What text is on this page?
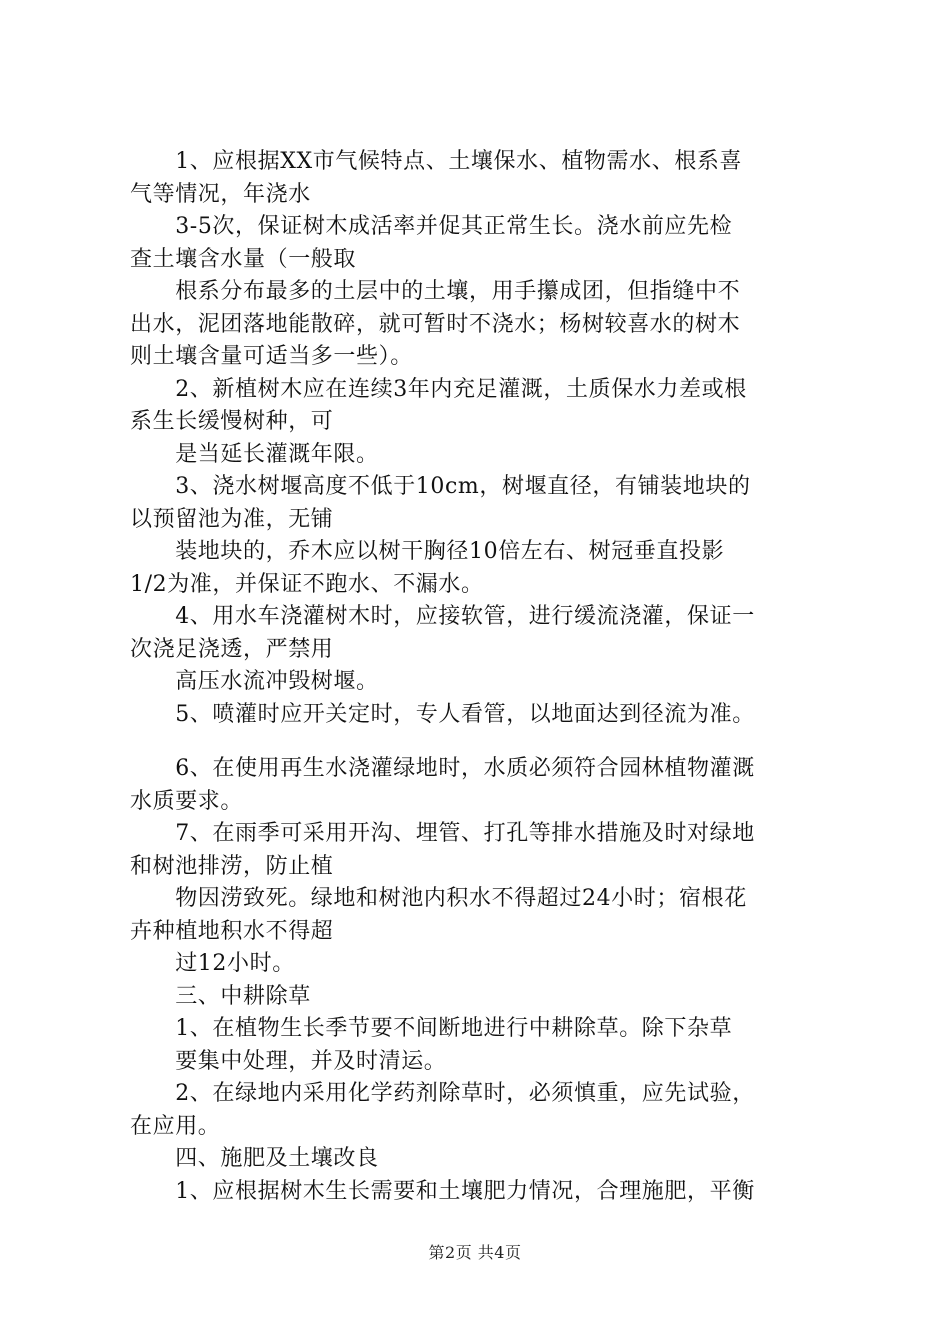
　　1、应根据XX市气候特点、土壤保水、植物需水、根系喜
气等情况，年浇水
　　3-5次，保证树木成活率并促其正常生长。浇水前应先检
查土壤含水量（一般取
　　根系分布最多的土层中的土壤，用手攥成团，但指缝中不
出水，泥团落地能散碎，就可暂时不浇水；杨树较喜水的树木
则土壤含量可适当多一些）。
　　2、新植树木应在连续3年内充足灌溉，土质保水力差或根
系生长缓慢树种，可
　　是当延长灌溉年限。
　　3、浇水树堰高度不低于10cm，树堰直径，有铺装地块的
以预留池为准，无铺
　　装地块的，乔木应以树干胸径10倍左右、树冠垂直投影
1/2为准，并保证不跑水、不漏水。
　　4、用水车浇灌树木时，应接软管，进行缓流浇灌，保证一
次浇足浇透，严禁用
　　高压水流冲毁树堰。
　　5、喷灌时应开关定时，专人看管，以地面达到径流为准。
　　6、在使用再生水浇灌绿地时，水质必须符合园林植物灌溉
水质要求。
　　7、在雨季可采用开沟、埋管、打孔等排水措施及时对绿地
和树池排涝，防止植
　　物因涝致死。绿地和树池内积水不得超过24小时；宿根花
卉种植地积水不得超
　　过12小时。
　　三、中耕除草
　　1、在植物生长季节要不间断地进行中耕除草。除下杂草
　　要集中处理，并及时清运。
　　2、在绿地内采用化学药剂除草时，必须慎重，应先试验，
在应用。
　　四、施肥及土壤改良
　　1、应根据树木生长需要和土壤肥力情况，合理施肥，平衡
第2页 共4页
